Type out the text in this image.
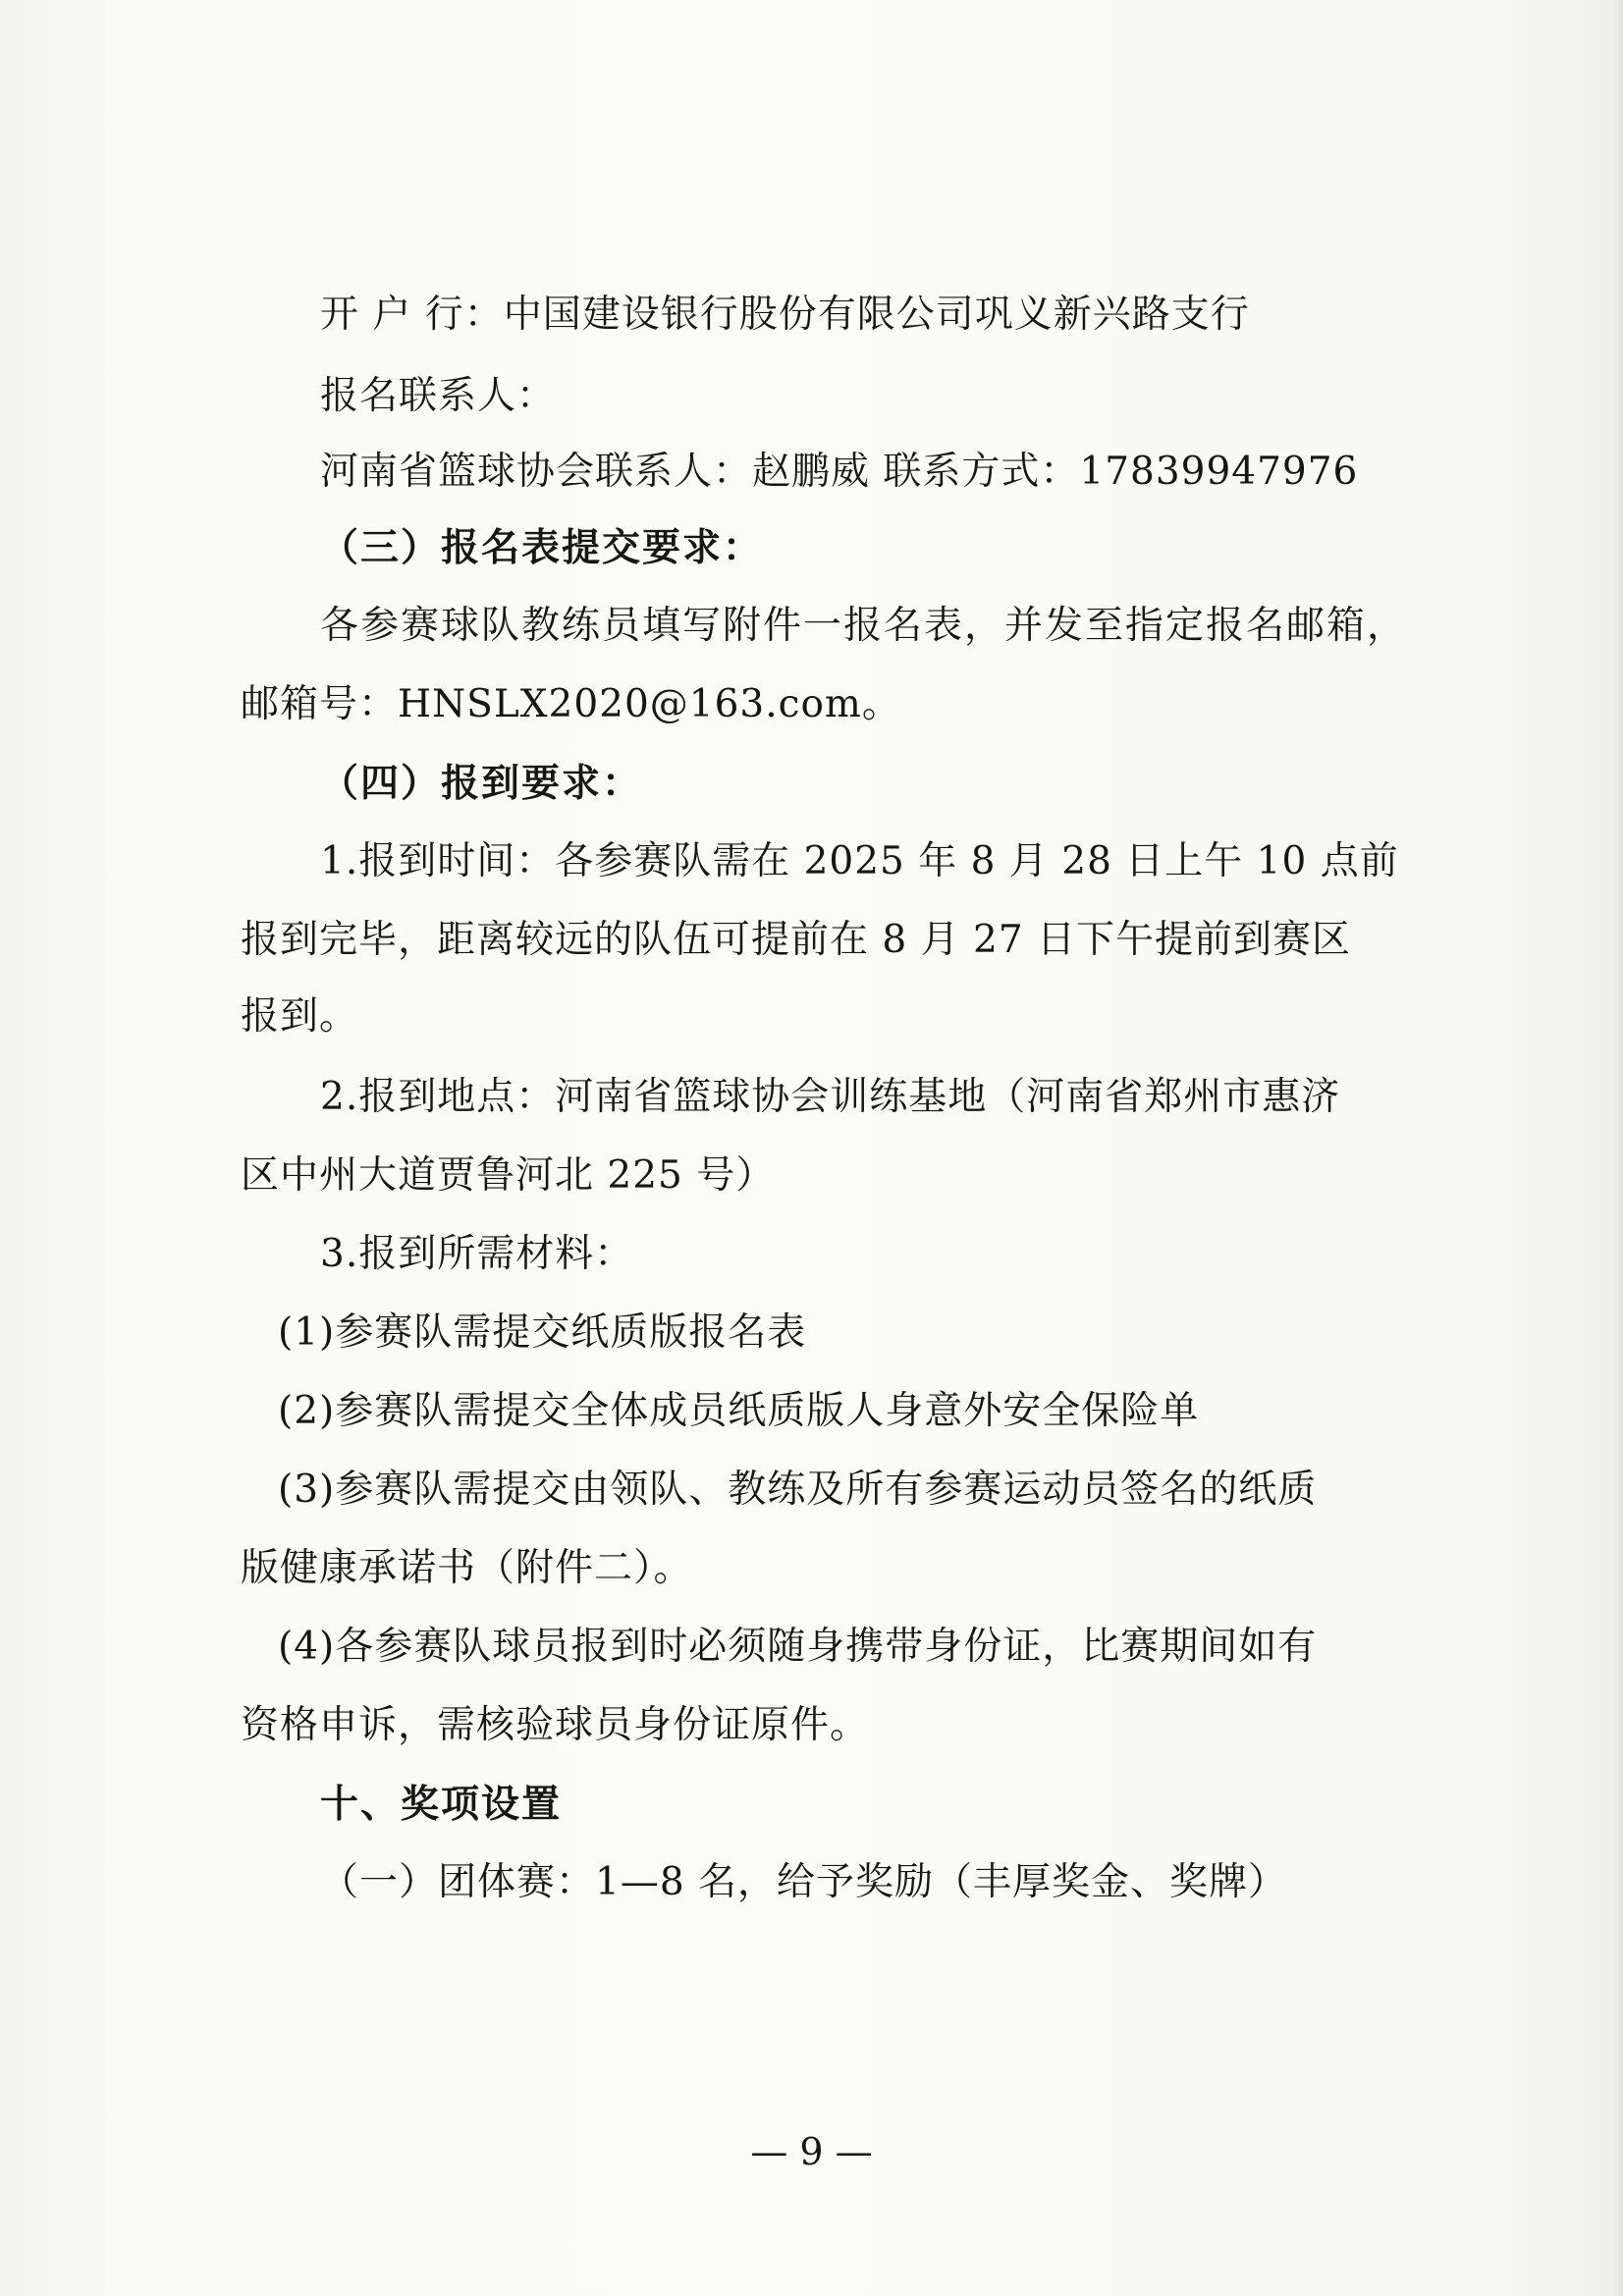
开 户 行：中国建设银行股份有限公司巩义新兴路支行
报名联系人：
河南省篮球协会联系人：赵鹏威 联系方式：17839947976
（三）报名表提交要求：
各参赛球队教练员填写附件一报名表，并发至指定报名邮箱，
邮箱号：HNSLX2020@163.com。
（四）报到要求：
1.报到时间：各参赛队需在 2025 年 8 月 28 日上午 10 点前
报到完毕，距离较远的队伍可提前在 8 月 27 日下午提前到赛区
报到。
2.报到地点：河南省篮球协会训练基地（河南省郑州市惠济
区中州大道贾鲁河北 225 号）
3.报到所需材料：
(1)参赛队需提交纸质版报名表
(2)参赛队需提交全体成员纸质版人身意外安全保险单
(3)参赛队需提交由领队、教练及所有参赛运动员签名的纸质
版健康承诺书（附件二）。
(4)各参赛队球员报到时必须随身携带身份证，比赛期间如有
资格申诉，需核验球员身份证原件。
十、奖项设置
（一）团体赛：1—8 名，给予奖励（丰厚奖金、奖牌）
— 9 —
